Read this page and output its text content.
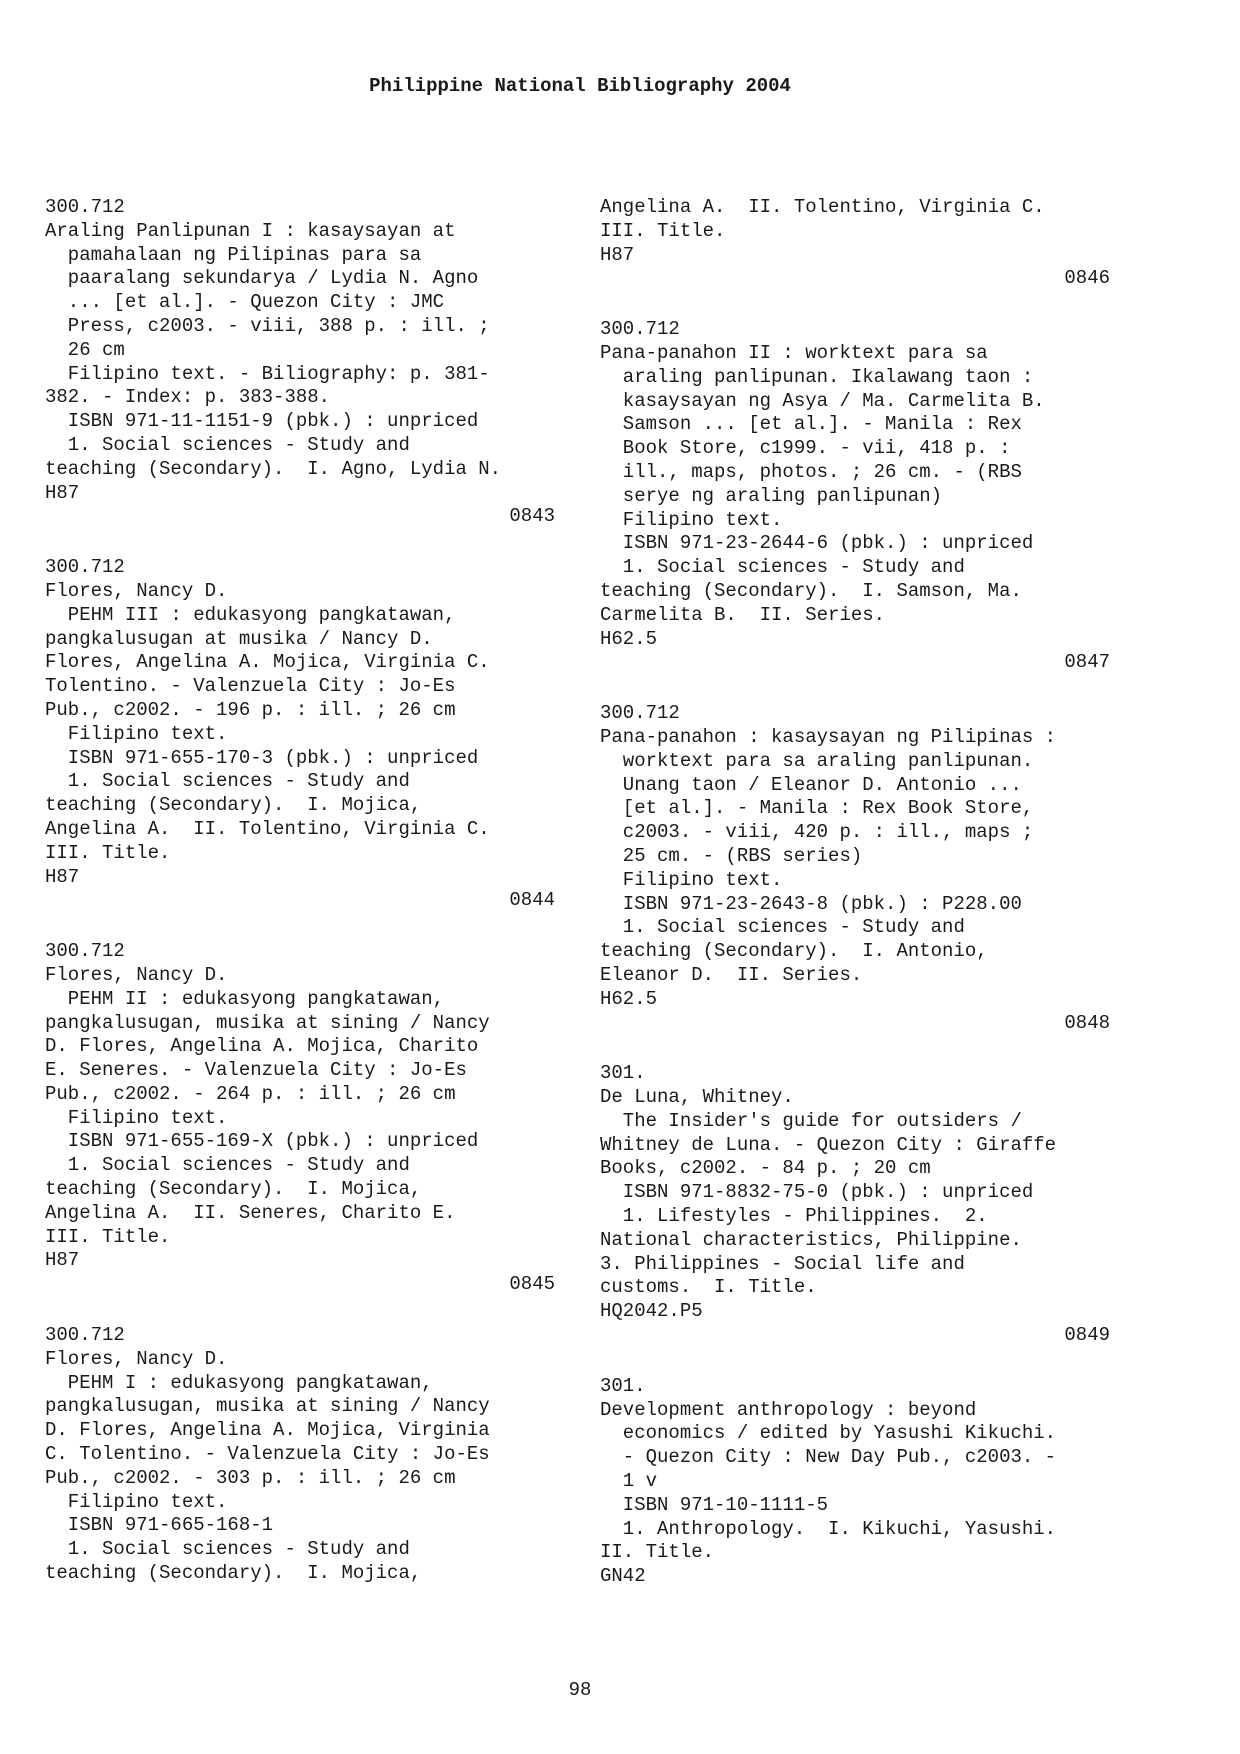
Philippine National Bibliography 2004
300.712
Araling Panlipunan I : kasaysayan at
pamahalaan ng Pilipinas para sa
paaralang sekundarya / Lydia N. Agno
... [et al.]. - Quezon City : JMC
Press, c2003. - viii, 388 p. : ill. ;
26 cm
Filipino text. - Biliography: p. 381-
382. - Index: p. 383-388.
ISBN 971-11-1151-9 (pbk.) : unpriced
1. Social sciences - Study and
teaching (Secondary).  I. Agno, Lydia N.
H87
0843
300.712
Flores, Nancy D.
PEHM III : edukasyong pangkatawan,
pangkalusugan at musika / Nancy D.
Flores, Angelina A. Mojica, Virginia C.
Tolentino. - Valenzuela City : Jo-Es
Pub., c2002. - 196 p. : ill. ; 26 cm
Filipino text.
ISBN 971-655-170-3 (pbk.) : unpriced
1. Social sciences - Study and
teaching (Secondary).  I. Mojica,
Angelina A.  II. Tolentino, Virginia C.
III. Title.
H87
0844
300.712
Flores, Nancy D.
PEHM II : edukasyong pangkatawan,
pangkalusugan, musika at sining / Nancy
D. Flores, Angelina A. Mojica, Charito
E. Seneres. - Valenzuela City : Jo-Es
Pub., c2002. - 264 p. : ill. ; 26 cm
Filipino text.
ISBN 971-655-169-X (pbk.) : unpriced
1. Social sciences - Study and
teaching (Secondary).  I. Mojica,
Angelina A.  II. Seneres, Charito E.
III. Title.
H87
0845
300.712
Flores, Nancy D.
PEHM I : edukasyong pangkatawan,
pangkalusugan, musika at sining / Nancy
D. Flores, Angelina A. Mojica, Virginia
C. Tolentino. - Valenzuela City : Jo-Es
Pub., c2002. - 303 p. : ill. ; 26 cm
Filipino text.
ISBN 971-665-168-1
1. Social sciences - Study and
teaching (Secondary).  I. Mojica,
Angelina A.  II. Tolentino, Virginia C.
III. Title.
H87
0846
300.712
Pana-panahon II : worktext para sa
araling panlipunan. Ikalawang taon :
kasaysayan ng Asya / Ma. Carmelita B.
Samson ... [et al.]. - Manila : Rex
Book Store, c1999. - vii, 418 p. :
ill., maps, photos. ; 26 cm. - (RBS
serye ng araling panlipunan)
Filipino text.
ISBN 971-23-2644-6 (pbk.) : unpriced
1. Social sciences - Study and
teaching (Secondary).  I. Samson, Ma.
Carmelita B.  II. Series.
H62.5
0847
300.712
Pana-panahon : kasaysayan ng Pilipinas :
worktext para sa araling panlipunan.
Unang taon / Eleanor D. Antonio ...
[et al.]. - Manila : Rex Book Store,
c2003. - viii, 420 p. : ill., maps ;
25 cm. - (RBS series)
Filipino text.
ISBN 971-23-2643-8 (pbk.) : P228.00
1. Social sciences - Study and
teaching (Secondary).  I. Antonio,
Eleanor D.  II. Series.
H62.5
0848
301.
De Luna, Whitney.
The Insider's guide for outsiders /
Whitney de Luna. - Quezon City : Giraffe
Books, c2002. - 84 p. ; 20 cm
ISBN 971-8832-75-0 (pbk.) : unpriced
1. Lifestyles - Philippines.  2.
National characteristics, Philippine.
3. Philippines - Social life and
customs.  I. Title.
HQ2042.P5
0849
301.
Development anthropology : beyond
economics / edited by Yasushi Kikuchi.
- Quezon City : New Day Pub., c2003. -
1 v
ISBN 971-10-1111-5
1. Anthropology.  I. Kikuchi, Yasushi.
II. Title.
GN42
98
